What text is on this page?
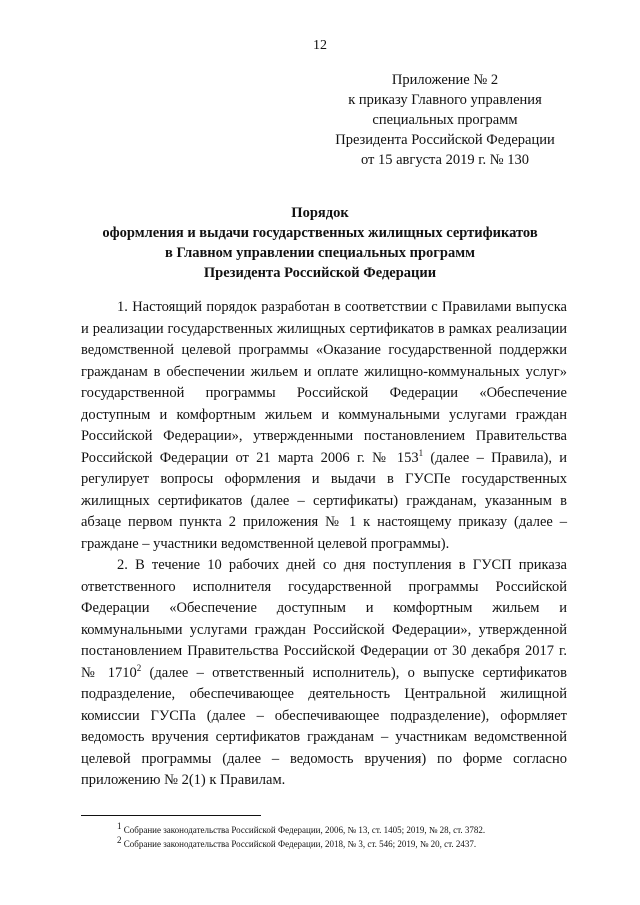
12
Приложение № 2
к приказу Главного управления
специальных программ
Президента Российской Федерации
от 15 августа 2019 г. № 130
Порядок
оформления и выдачи государственных жилищных сертификатов
в Главном управлении специальных программ
Президента Российской Федерации

1. Настоящий порядок разработан в соответствии с Правилами выпуска и реализации государственных жилищных сертификатов в рамках реализации ведомственной целевой программы «Оказание государственной поддержки гражданам в обеспечении жильем и оплате жилищно-коммунальных услуг» государственной программы Российской Федерации «Обеспечение доступным и комфортным жильем и коммунальными услугами граждан Российской Федерации», утвержденными постановлением Правительства Российской Федерации от 21 марта 2006 г. № $153^1$ (далее – Правила), и регулирует вопросы оформления и выдачи в ГУСПе государственных жилищных сертификатов (далее – сертификаты) гражданам, указанным в абзаце первом пункта 2 приложения № 1 к настоящему приказу (далее – граждане – участники ведомственной целевой программы).

2. В течение 10 рабочих дней со дня поступления в ГУСП приказа ответственного исполнителя государственной программы Российской Федерации «Обеспечение доступным и комфортным жильем и коммунальными услугами граждан Российской Федерации», утвержденной постановлением Правительства Российской Федерации от 30 декабря 2017 г. № 1710$^2$ (далее – ответственный исполнитель), о выпуске сертификатов подразделение, обеспечивающее деятельность Центральной жилищной комиссии ГУСПа (далее – обеспечивающее подразделение), оформляет ведомость вручения сертификатов гражданам – участникам ведомственной целевой программы (далее – ведомость вручения) по форме согласно приложению № 2(1) к Правилам.

$^1$ Собрание законодательства Российской Федерации, 2006, № 13, ст. 1405; 2019, № 28, ст. 3782.
$^2$ Собрание законодательства Российской Федерации, 2018, № 3, ст. 546; 2019, № 20, ст. 2437.
